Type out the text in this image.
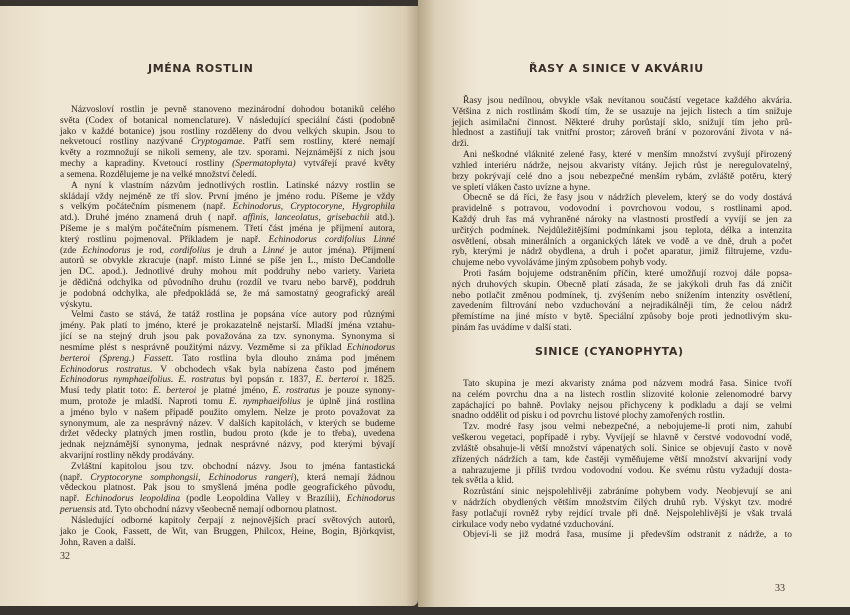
JMÉNA ROSTLIN
Názvosloví rostlin je pevně stanoveno mezinárodní dohodou botaniků celého
světa (Codex of botanical nomenclature). V následující speciální části (podobně
jako v každé botanice) jsou rostliny rozděleny do dvou velkých skupin. Jsou to
nekvetoucí rostliny nazývané Cryptogamae. Patří sem rostliny, které nemají
květy a rozmnožují se nikoli semeny, ale tzv. sporami. Nejznámější z nich jsou
mechy a kapradiny. Kvetoucí rostliny (Spermatophyta) vytvářejí pravé květy
a semena. Rozdělujeme je na velké množství čeledí.
A nyní k vlastním názvům jednotlivých rostlin. Latinské názvy rostlin se
skládají vždy nejméně ze tří slov. První jméno je jméno rodu. Píšeme je vždy
s velkým počátečním písmenem (např. Echinodorus, Cryptocoryne, Hygrophila
atd.). Druhé jméno znamená druh ( např. affinis, lanceolatus, grisebachii atd.).
Píšeme je s malým počátečním písmenem. Třetí část jména je příjmení autora,
který rostlinu pojmenoval. Příkladem je např. Echinodorus cordifolius Linné
(zde Echinodorus je rod, cordifolius je druh a Linné je autor jména). Příjmení
autorů se obvykle zkracuje (např. místo Linné se píše jen L., místo DeCandolle
jen DC. apod.). Jednotlivé druhy mohou mít poddruhy nebo variety. Varieta
je dědičná odchylka od původního druhu (rozdíl ve tvaru nebo barvě), poddruh
je podobná odchylka, ale předpokládá se, že má samostatný geografický areál
výskytu.
Velmi často se stává, že tatáž rostlina je popsána více autory pod různými
jmény. Pak platí to jméno, které je prokazatelně nejstarší. Mladší jména vztahu-
jící se na stejný druh jsou pak považována za tzv. synonyma. Synonyma si
nesmíme plést s nesprávně použitými názvy. Vezměme si za příklad Echinodorus
berteroi (Spreng.) Fassett. Tato rostlina byla dlouho známa pod jménem
Echinodorus rostratus. V obchodech však byla nabízena často pod jménem
Echinodorus nymphaeifolius. E. rostratus byl popsán r. 1837, E. berteroi r. 1825.
Musí tedy platit toto: E. berteroi je platné jméno, E. rostratus je pouze synony-
mum, protože je mladší. Naproti tomu E. nymphaeifolius je úplně jiná rostlina
a jméno bylo v našem případě použito omylem. Nelze je proto považovat za
synonymum, ale za nesprávný název. V dalších kapitolách, v kterých se budeme
držet vědecky platných jmen rostlin, budou proto (kde je to třeba), uvedena
jednak nejznámější synonyma, jednak nesprávné názvy, pod kterými bývají
akvarijní rostliny někdy prodávány.
Zvláštní kapitolou jsou tzv. obchodní názvy. Jsou to jména fantastická
(např. Cryptocoryne somphongsii, Echinodorus rangeri), která nemají žádnou
vědeckou platnost. Pak jsou to smyšlená jména podle geografického původu,
např. Echinodorus leopoldina (podle Leopoldina Valley v Brazílii), Echinodorus
peruensis atd. Tyto obchodní názvy všeobecně nemají odbornou platnost.
Následující odborné kapitoly čerpají z nejnovějších prací světových autorů,
jako je Cook, Fassett, de Wit, van Bruggen, Philcox, Heine, Bogin, Björkqvist,
John, Raven a další.
32
ŘASY A SINICE V AKVÁRIU
Řasy jsou nedílnou, obvykle však nevítanou součástí vegetace každého akvária.
Většina z nich rostlinám škodí tím, že se usazuje na jejich listech a tím snižuje
jejich asimilační činnost. Některé druhy porůstají sklo, snižují tím jeho prů-
hlednost a zastiňují tak vnitřní prostor; zároveň brání v pozorování života v ná-
drži.
Ani neškodné vláknité zelené řasy, které v menším množství zvyšují přirozený
vzhled interiéru nádrže, nejsou akvaristy vítány. Jejich růst je neregulovatelný,
brzy pokrývají celé dno a jsou nebezpečné menším rybám, zvláště potěru, který
ve spletí vláken často uvízne a hyne.
Obecně se dá říci, že řasy jsou v nádržích plevelem, který se do vody dostává
pravidelně s potravou, vodovodní i povrchovou vodou, s rostlinami apod.
Každý druh řas má vyhraněné nároky na vlastnosti prostředí a vyvíjí se jen za
určitých podmínek. Nejdůležitějšími podmínkami jsou teplota, délka a intenzita
osvětlení, obsah minerálních a organických látek ve vodě a ve dně, druh a počet
ryb, kterými je nádrž obydlena, a druh i počet aparatur, jimiž filtrujeme, vzdu-
chujeme nebo vyvoláváme jiným způsobem pohyb vody.
Proti řasám bojujeme odstraněním příčin, které umožňují rozvoj dále popsa-
ných druhových skupin. Obecně platí zásada, že se jakýkoli druh řas dá zničit
nebo potlačit změnou podmínek, tj. zvýšením nebo snížením intenzity osvětlení,
zavedením filtrování nebo vzduchování a nejradikálněji tím, že celou nádrž
přemístíme na jiné místo v bytě. Speciální způsoby boje proti jednotlivým sku-
pinám řas uvádíme v další stati.
SINICE (CYANOPHYTA)
Tato skupina je mezi akvaristy známa pod názvem modrá řasa. Sinice tvoří
na celém povrchu dna a na listech rostlin slizovité kolonie zelenomodré barvy
zapáchající po bahně. Povlaky nejsou přichyceny k podkladu a dají se velmi
snadno oddělit od písku i od povrchu listové plochy zamořených rostlin.
Tzv. modré řasy jsou velmi nebezpečné, a nebojujeme-li proti nim, zahubí
veškerou vegetaci, popřípadě i ryby. Vyvíjejí se hlavně v čerstvé vodovodní vodě,
zvláště obsahuje-li větší množství vápenatých solí. Sinice se objevují často v nově
zřízených nádržích a tam, kde častěji vyměňujeme větší množství akvarijní vody
a nahrazujeme ji příliš tvrdou vodovodní vodou. Ke svému růstu vyžadují dosta-
tek světla a klid.
Rozrůstání sinic nejspolehlivěji zabráníme pohybem vody. Neobjevují se ani
v nádržích obydlených větším množstvím čilých druhů ryb. Výskyt tzv. modré
řasy potlačují rovněž ryby rejdící trvale při dně. Nejspolehlivější je však trvalá
cirkulace vody nebo vydatné vzduchování.
Objeví-li se již modrá řasa, musíme ji především odstranit z nádrže, a to
33
